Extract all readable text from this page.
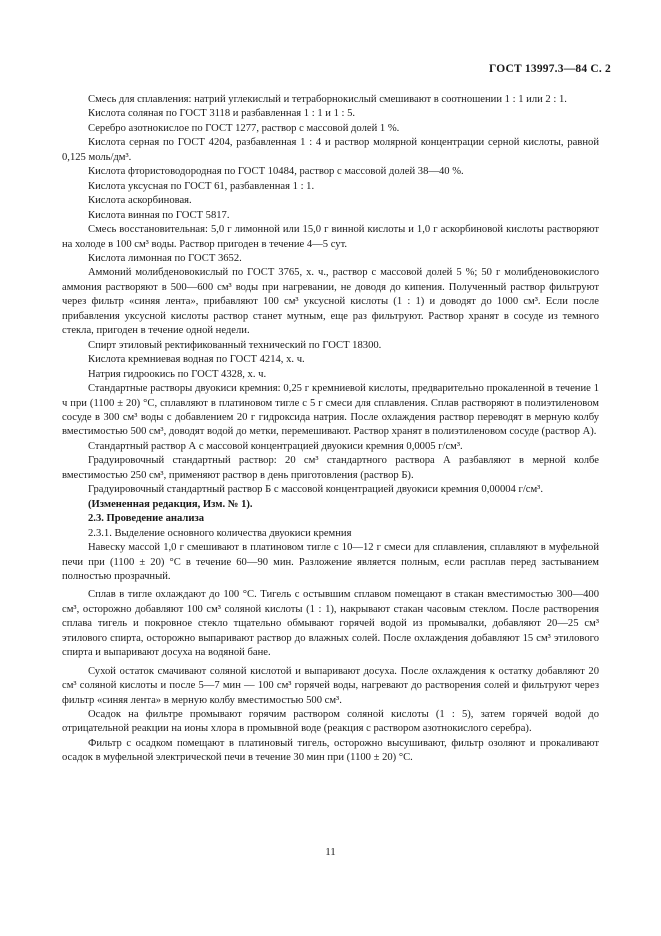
ГОСТ 13997.3—84 С. 2

Смесь для сплавления: натрий углекислый и тетраборнокислый смешивают в соотношении 1 : 1 или 2 : 1.

Кислота соляная по ГОСТ 3118 и разбавленная 1 : 1 и 1 : 5.

Серебро азотнокислое по ГОСТ 1277, раствор с массовой долей 1 %.

Кислота серная по ГОСТ 4204, разбавленная 1 : 4 и раствор молярной концентрации серной кислоты, равной 0,125 моль/дм³.

Кислота фтористоводородная по ГОСТ 10484, раствор с массовой долей 38—40 %.

Кислота уксусная по ГОСТ 61, разбавленная 1 : 1.

Кислота аскорбиновая.

Кислота винная по ГОСТ 5817.

Смесь восстановительная: 5,0 г лимонной или 15,0 г винной кислоты и 1,0 г аскорбиновой кислоты растворяют на холоде в 100 см³ воды. Раствор пригоден в течение 4—5 сут.

Кислота лимонная по ГОСТ 3652.

Аммоний молибденовокислый по ГОСТ 3765, х. ч., раствор с массовой долей 5 %; 50 г молибденовокислого аммония растворяют в 500—600 см³ воды при нагревании, не доводя до кипения. Полученный раствор фильтруют через фильтр «синяя лента», прибавляют 100 см³ уксусной кислоты (1 : 1) и доводят до 1000 см³. Если после прибавления уксусной кислоты раствор станет мутным, еще раз фильтруют. Раствор хранят в сосуде из темного стекла, пригоден в течение одной недели.

Спирт этиловый ректификованный технический по ГОСТ 18300.

Кислота кремниевая водная по ГОСТ 4214, х. ч.

Натрия гидроокись по ГОСТ 4328, х. ч.

Стандартные растворы двуокиси кремния: 0,25 г кремниевой кислоты, предварительно прокаленной в течение 1 ч при (1100 ± 20) °С, сплавляют в платиновом тигле с 5 г смеси для сплавления. Сплав растворяют в полиэтиленовом сосуде в 300 см³ воды с добавлением 20 г гидроксида натрия. После охлаждения раствор переводят в мерную колбу вместимостью 500 см³, доводят водой до метки, перемешивают. Раствор хранят в полиэтиленовом сосуде (раствор А).

Стандартный раствор А с массовой концентрацией двуокиси кремния 0,0005 г/см³.

Градуировочный стандартный раствор: 20 см³ стандартного раствора А разбавляют в мерной колбе вместимостью 250 см³, применяют раствор в день приготовления (раствор Б).

Градуировочный стандартный раствор Б с массовой концентрацией двуокиси кремния 0,00004 г/см³.

(Измененная редакция, Изм. № 1).

2.3. Проведение анализа

2.3.1. Выделение основного количества двуокиси кремния

Навеску массой 1,0 г смешивают в платиновом тигле с 10—12 г смеси для сплавления, сплавляют в муфельной печи при (1100 ± 20) °С в течение 60—90 мин. Разложение является полным, если расплав перед застыванием полностью прозрачный.

Сплав в тигле охлаждают до 100 °С. Тигель с остывшим сплавом помещают в стакан вместимостью 300—400 см³, осторожно добавляют 100 см³ соляной кислоты (1 : 1), накрывают стакан часовым стеклом. После растворения сплава тигель и покровное стекло тщательно обмывают горячей водой из промывалки, добавляют 20—25 см³ этилового спирта, осторожно выпаривают раствор до влажных солей. После охлаждения добавляют 15 см³ этилового спирта и выпаривают досуха на водяной бане.

Сухой остаток смачивают соляной кислотой и выпаривают досуха. После охлаждения к остатку добавляют 20 см³ соляной кислоты и после 5—7 мин — 100 см³ горячей воды, нагревают до растворения солей и фильтруют через фильтр «синяя лента» в мерную колбу вместимостью 500 см³.

Осадок на фильтре промывают горячим раствором соляной кислоты (1 : 5), затем горячей водой до отрицательной реакции на ионы хлора в промывной воде (реакция с раствором азотнокислого серебра).

Фильтр с осадком помещают в платиновый тигель, осторожно высушивают, фильтр озоляют и прокаливают осадок в муфельной электрической печи в течение 30 мин при (1100 ± 20) °С.

11
